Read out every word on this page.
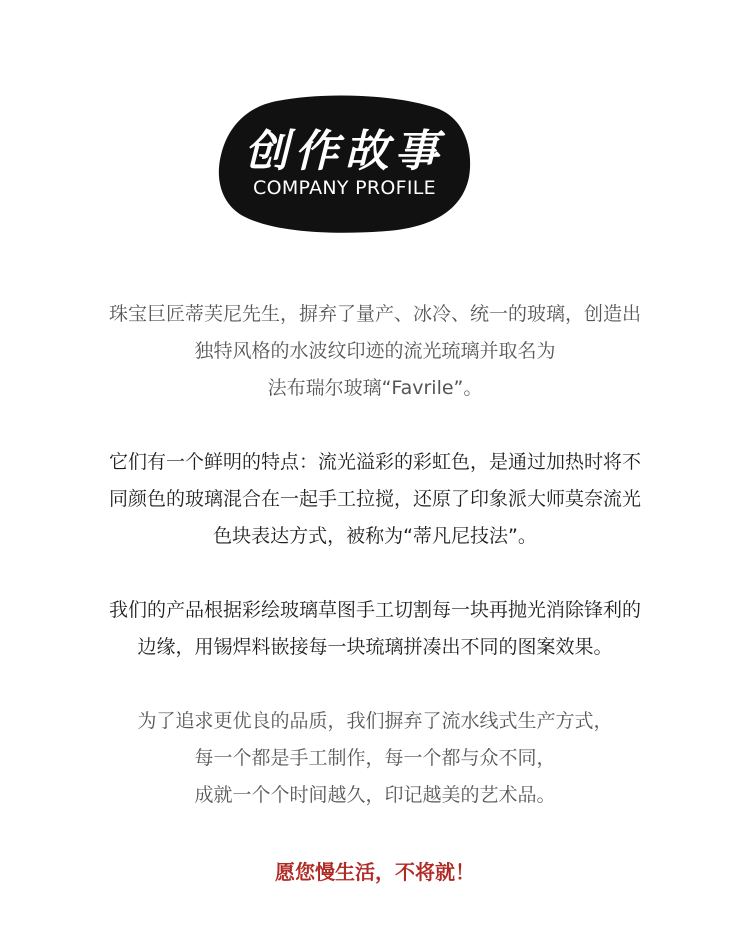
创作故事
COMPANY PROFILE
珠宝巨匠蒂芙尼先生，摒弃了量产、冰冷、统一的玻璃，创造出
独特风格的水波纹印迹的流光琉璃并取名为
法布瑞尔玻璃“Favrile”。
它们有一个鲜明的特点：流光溢彩的彩虹色，是通过加热时将不
同颜色的玻璃混合在一起手工拉搅，还原了印象派大师莫奈流光
色块表达方式，被称为“蒂凡尼技法”。
我们的产品根据彩绘玻璃草图手工切割每一块再抛光消除锋利的
边缘，用锡焊料嵌接每一块琉璃拼凑出不同的图案效果。
为了追求更优良的品质，我们摒弃了流水线式生产方式，
每一个都是手工制作，每一个都与众不同，
成就一个个时间越久，印记越美的艺术品。
愿您慢生活，不将就！
